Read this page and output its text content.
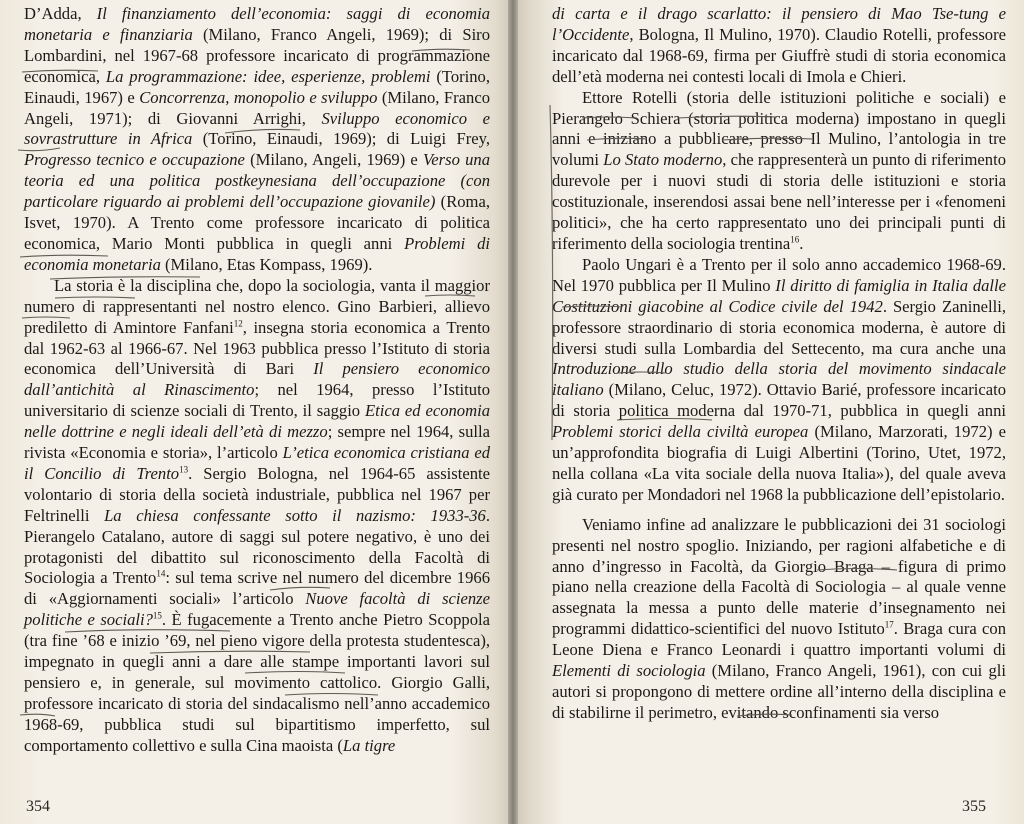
D’Adda, Il finanziamento dell’economia: saggi di economia monetaria e finanziaria (Milano, Franco Angeli, 1969); di Siro Lombardini, nel 1967-68 professore incaricato di programmazione economica, La programmazione: idee, esperienze, problemi (Torino, Einaudi, 1967) e Concorrenza, monopolio e sviluppo (Milano, Franco Angeli, 1971); di Giovanni Arrighi, Sviluppo economico e sovrastrutture in Africa (Torino, Einaudi, 1969); di Luigi Frey, Progresso tecnico e occupazione (Milano, Angeli, 1969) e Verso una teoria ed una politica postkeynesiana dell’occupazione (con particolare riguardo ai problemi dell’occupazione giovanile) (Roma, Isvet, 1970). A Trento come professore incaricato di politica economica, Mario Monti pubblica in quegli anni Problemi di economia monetaria (Milano, Etas Kompass, 1969).

La storia è la disciplina che, dopo la sociologia, vanta il maggior numero di rappresentanti nel nostro elenco. Gino Barbieri, allievo prediletto di Amintore Fanfani$^{12}$, insegna storia economica a Trento dal 1962-63 al 1966-67. Nel 1963 pubblica presso l’Istituto di storia economica dell’Università di Bari Il pensiero economico dall’antichità al Rinascimento; nel 1964, presso l’Istituto universitario di scienze sociali di Trento, il saggio Etica ed economia nelle dottrine e negli ideali dell’età di mezzo; sempre nel 1964, sulla rivista «Economia e storia», l’articolo L’etica economica cristiana ed il Concilio di Trento$^{13}$. Sergio Bologna, nel 1964-65 assistente volontario di storia della società industriale, pubblica nel 1967 per Feltrinelli La chiesa confessante sotto il nazismo: 1933-36. Pierangelo Catalano, autore di saggi sul potere negativo, è uno dei protagonisti del dibattito sul riconoscimento della Facoltà di Sociologia a Trento$^{14}$: sul tema scrive nel numero del dicembre 1966 di «Aggiornamenti sociali» l’articolo Nuove facoltà di scienze politiche e sociali?$^{15}$. È fugacemente a Trento anche Pietro Scoppola (tra fine ’68 e inizio ’69, nel pieno vigore della protesta studentesca), impegnato in quegli anni a dare alle stampe importanti lavori sul pensiero e, in generale, sul movimento cattolico. Giorgio Galli, professore incaricato di storia del sindacalismo nell’anno accademico 1968-69, pubblica studi sul bipartitismo imperfetto, sul comportamento collettivo e sulla Cina maoista (La tigre

354

di carta e il drago scarlatto: il pensiero di Mao Tse-tung e l’Occidente, Bologna, Il Mulino, 1970). Claudio Rotelli, professore incaricato dal 1968-69, firma per Giuffrè studi di storia economica dell’età moderna nei contesti locali di Imola e Chieri.

Ettore Rotelli (storia delle istituzioni politiche e sociali) e Pierangelo Schiera (storia politica moderna) impostano in quegli anni e iniziano a pubblicare, presso Il Mulino, l’antologia in tre volumi Lo Stato moderno, che rappresenterà un punto di riferimento durevole per i nuovi studi di storia delle istituzioni e storia costituzionale, inserendosi assai bene nell’interesse per i «fenomeni politici», che ha certo rappresentato uno dei principali punti di riferimento della sociologia trentina$^{16}$.

Paolo Ungari è a Trento per il solo anno accademico 1968-69. Nel 1970 pubblica per Il Mulino Il diritto di famiglia in Italia dalle Costituzioni giacobine al Codice civile del 1942. Sergio Zaninelli, professore straordinario di storia economica moderna, è autore di diversi studi sulla Lombardia del Settecento, ma cura anche una Introduzione allo studio della storia del movimento sindacale italiano (Milano, Celuc, 1972). Ottavio Barié, professore incaricato di storia politica moderna dal 1970-71, pubblica in quegli anni Problemi storici della civiltà europea (Milano, Marzorati, 1972) e un’approfondita biografia di Luigi Albertini (Torino, Utet, 1972, nella collana «La vita sociale della nuova Italia»), del quale aveva già curato per Mondadori nel 1968 la pubblicazione dell’epistolario.

Veniamo infine ad analizzare le pubblicazioni dei 31 sociologi presenti nel nostro spoglio. Iniziando, per ragioni alfabetiche e di anno d’ingresso in Facoltà, da Giorgio Braga – figura di primo piano nella creazione della Facoltà di Sociologia – al quale venne assegnata la messa a punto delle materie d’insegnamento nei programmi didattico-scientifici del nuovo Istituto$^{17}$. Braga cura con Leone Diena e Franco Leonardi i quattro importanti volumi di Elementi di sociologia (Milano, Franco Angeli, 1961), con cui gli autori si propongono di mettere ordine all’interno della disciplina e di stabilirne il perimetro, evitando sconfinamenti sia verso

355
